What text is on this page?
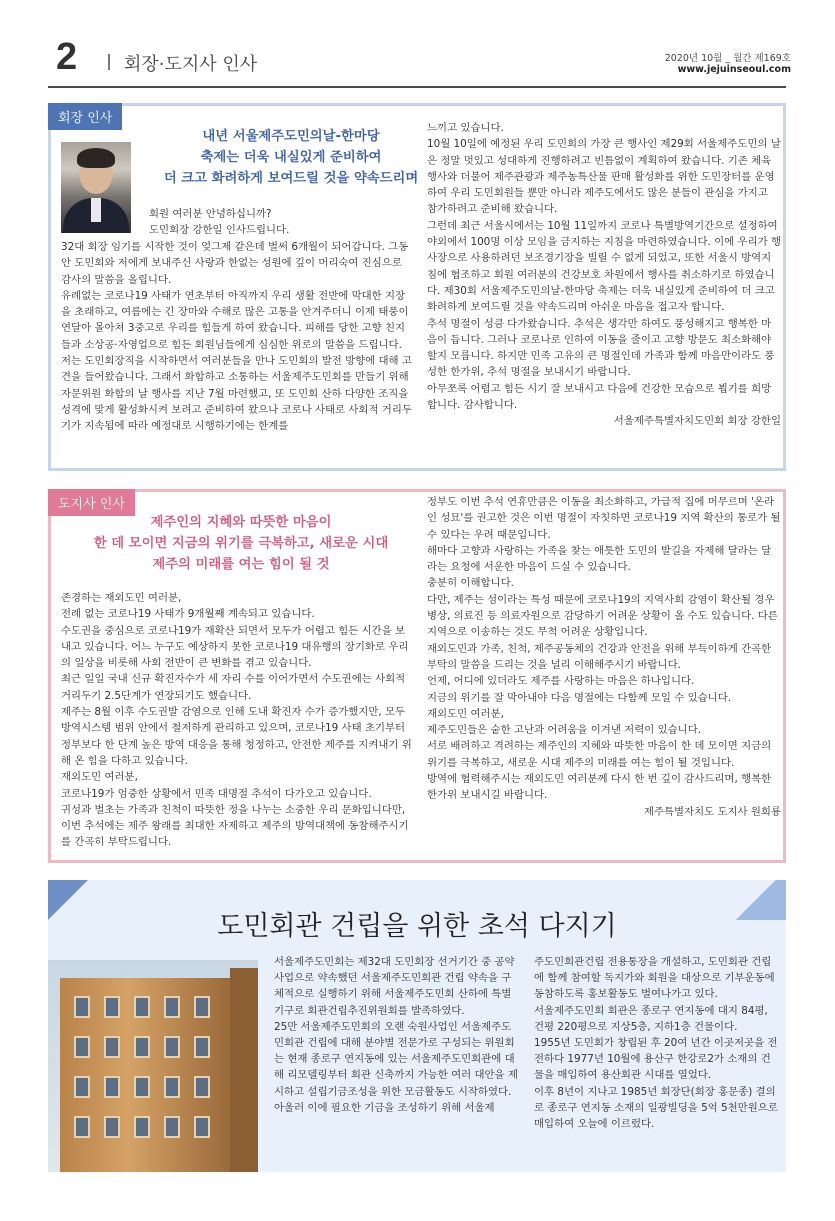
2	회장·도지사 인사	2020년 10월 _ 월간 제169호
www.jejuinseoul.com
회장 인사
내년 서울제주도민의날-한마당
축제는 더욱 내실있게 준비하여
더 크고 화려하게 보여드릴 것을 약속드리며

회원 여러분 안녕하십니까?

도민회장 강한일 인사드립니다.

32대 회장 임기를 시작한 것이 엊그제 같은데 벌써 6개월이 되어갑니다. 그동안 도민회와 저에게 보내주신 사랑과 한없는 성원에 깊이 머리숙여 진심으로 감사의 말씀을 올립니다.

유례없는 코로나19 사태가 연초부터 아직까지 우리 생활 전반에 막대한 지장을 초래하고, 여름에는 긴 장마와 수해로 많은 고통을 안겨주더니 이제 태풍이 연달아 몰아쳐 3중고로 우리를 힘들게 하여 왔습니다. 피해를 당한 고향 친지들과 소상공·자영업으로 힘든 회원님들에게 심심한 위로의 말씀을 드립니다.

저는 도민회장직을 시작하면서 여러분들을 만나 도민회의 발전 방향에 대해 고견을 들어왔습니다. 그래서 화합하고 소통하는 서울제주도민회를 만들기 위해 자문위원 화합의 날 행사를 지난 7월 마련했고, 또 도민회 산하 다양한 조직을 성격에 맞게 활성화시켜 보려고 준비하여 왔으나 코로나 사태로 사회적 거리두기가 지속됨에 따라 예정대로 시행하기에는 한계를

느끼고 있습니다.

10월 10일에 예정된 우리 도민회의 가장 큰 행사인 제29회 서울제주도민의 날은 정말 멋있고 성대하게 진행하려고 빈틈없이 계획하여 왔습니다. 기존 체육행사와 더불어 제주관광과 제주농특산물 판매 활성화를 위한 도민장터를 운영하여 우리 도민회원들 뿐만 아니라 제주도에서도 많은 분들이 관심을 가지고 참가하려고 준비해 왔습니다.

그런데 최근 서울시에서는 10월 11일까지 코로나 특별방역기간으로 설정하여 야외에서 100명 이상 모임을 금지하는 지침을 마련하였습니다. 이에 우리가 행사장으로 사용하려던 보조경기장을 빌릴 수 없게 되었고, 또한 서울시 방역지침에 협조하고 회원 여러분의 건강보호 차원에서 행사를 취소하기로 하였습니다. 제30회 서울제주도민의날-한마당 축제는 더욱 내실있게 준비하여 더 크고 화려하게 보여드릴 것을 약속드리며 아쉬운 마음을 접고자 합니다.

추석 명절이 성큼 다가왔습니다. 추석은 생각만 하여도 풍성해지고 행복한 마음이 듭니다. 그러나 코로나로 인하여 이동을 줄이고 고향 방문도 최소화해야 할지 모릅니다. 하지만 민족 고유의 큰 명절인데 가족과 함께 마음만이라도 풍성한 한가위, 추석 명절을 보내시기 바랍니다.

아무쪼록 어렵고 힘든 시기 잘 보내시고 다음에 건강한 모습으로 뵙기를 희망합니다. 감사합니다.

서울제주특별자치도민회 회장 강한일

도지사 인사
제주인의 지혜와 따뜻한 마음이
한 데 모이면 지금의 위기를 극복하고, 새로운 시대
제주의 미래를 여는 힘이 될 것

존경하는 재외도민 여러분,

전례 없는 코로나19 사태가 9개월째 계속되고 있습니다.

수도권을 중심으로 코로나19가 재확산 되면서 모두가 어렵고 힘든 시간을 보내고 있습니다. 어느 누구도 예상하지 못한 코로나19 대유행의 장기화로 우리의 일상을 비롯해 사회 전반이 큰 변화를 겪고 있습니다.

최근 일일 국내 신규 확진자수가 세 자리 수를 이어가면서 수도권에는 사회적 거리두기 2.5단계가 연장되기도 했습니다.

제주는 8월 이후 수도권발 감염으로 인해 도내 확진자 수가 증가했지만, 모두 방역시스템 범위 안에서 철저하게 관리하고 있으며, 코로나19 사태 초기부터 정부보다 한 단계 높은 방역 대응을 통해 청정하고, 안전한 제주를 지켜내기 위해 온 힘을 다하고 있습니다.

재외도민 여러분,

코로나19가 엄중한 상황에서 민족 대명절 추석이 다가오고 있습니다.

귀성과 벌초는 가족과 친척이 따뜻한 정을 나누는 소중한 우리 문화입니다만, 이번 추석에는 제주 왕래를 최대한 자제하고 제주의 방역대책에 동참해주시기를 간곡히 부탁드립니다.

정부도 이번 추석 연휴만큼은 이동을 최소화하고, 가급적 집에 머무르며 '온라인 성묘'를 권고한 것은 이번 명절이 자칫하면 코로나19 지역 확산의 통로가 될 수 있다는 우려 때문입니다.

해마다 고향과 사랑하는 가족을 찾는 애틋한 도민의 발길을 자제해 달라는 달라는 요청에 서운한 마음이 드실 수 있습니다.

충분히 이해합니다.

다만, 제주는 섬이라는 특성 때문에 코로나19의 지역사회 감염이 확산될 경우 병상, 의료진 등 의료자원으로 감당하기 어려운 상황이 올 수도 있습니다. 다른 지역으로 이송하는 것도 무척 어려운 상황입니다.

재외도민과 가족, 친척, 제주공동체의 건강과 안전을 위해 부득이하게 간곡한 부탁의 말씀을 드리는 것을 널리 이해해주시기 바랍니다.

언제, 어디에 있더라도 제주를 사랑하는 마음은 하나입니다.

지금의 위기를 잘 막아내야 다음 명절에는 다함께 모일 수 있습니다.

재외도민 여러분,

제주도민들은 숱한 고난과 어려움을 이겨낸 저력이 있습니다.

서로 배려하고 격려하는 제주인의 지혜와 따뜻한 마음이 한 데 모이면 지금의 위기를 극복하고, 새로운 시대 제주의 미래를 여는 힘이 될 것입니다.

방역에 협력해주시는 재외도민 여러분께 다시 한 번 깊이 감사드리며, 행복한 한가위 보내시길 바랍니다.

제주특별자치도 도지사 원희룡

도민회관 건립을 위한 초석 다지기

서울제주도민회는 제32대 도민회장 선거기간 중 공약사업으로 약속했던 서울제주도민회관 건립 약속을 구체적으로 실행하기 위해 서울제주도민회 산하에 특별기구로 회관건립추진위원회를 발족하였다.

25만 서울제주도민회의 오랜 숙원사업인 서울제주도민회관 건립에 대해 분야별 전문가로 구성되는 위원회는 현재 종로구 연지동에 있는 서울제주도민회관에 대해 리모델링부터 회관 신축까지 가능한 여러 대안을 제시하고 설립기금조성을 위한 모금활동도 시작하였다.

아울러 이에 필요한 기금을 조성하기 위해 서울제

주도민회관건립 전용통장을 개설하고, 도민회관 건립에 함께 참여할 독지가와 회원을 대상으로 기부운동에 동참하도록 홍보활동도 벌여나가고 있다.

서울제주도민회 회관은 종로구 연지동에 대지 84평, 건평 220평으로 지상5층, 지하1층 건물이다.

1955년 도민회가 창립된 후 20여 년간 이곳저곳을 전전하다 1977년 10월에 용산구 한강로2가 소재의 건물을 매입하여 용산회관 시대를 열었다.

이후 8년이 지나고 1985년 회장단(회장 홍문종) 결의로 종로구 연지동 소재의 일광빌딩을 5억 5천만원으로 매입하여 오늘에 이르렀다.
